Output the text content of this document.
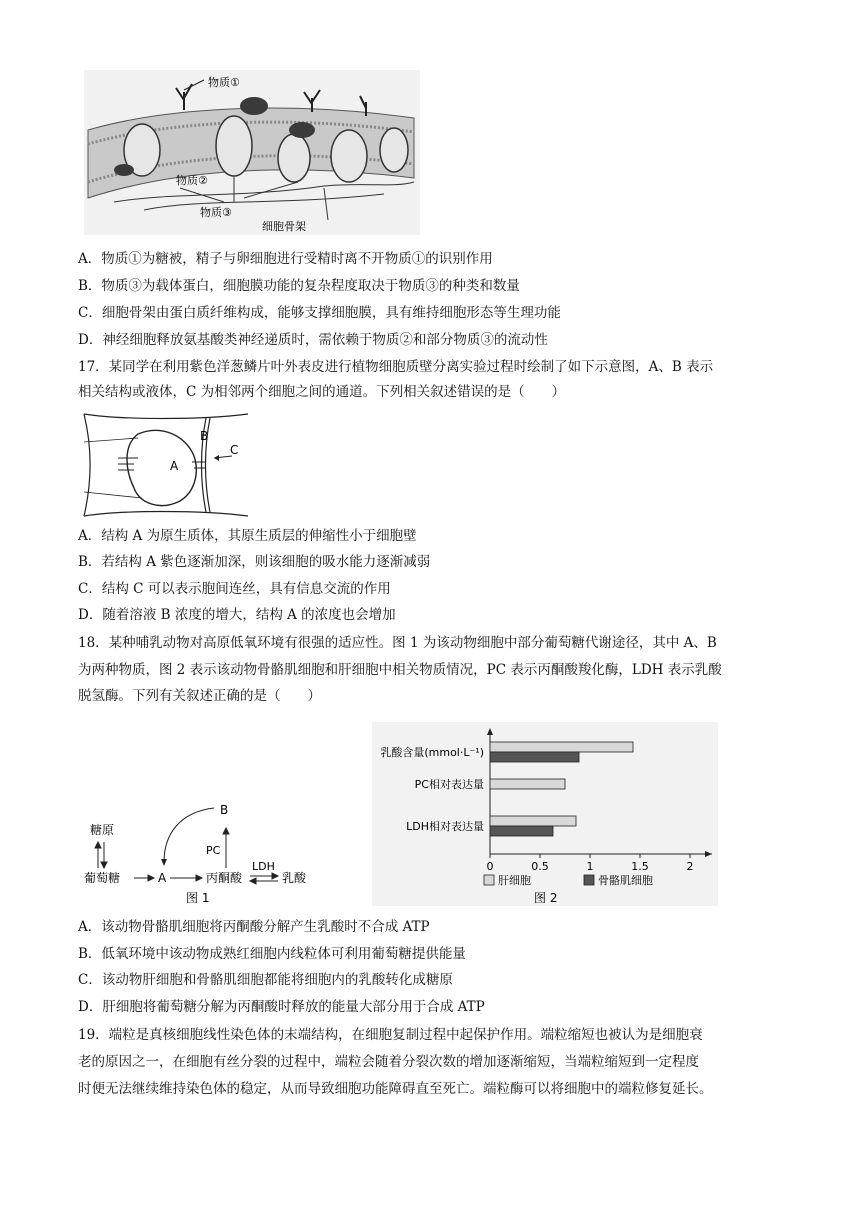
物质①
物质②
物质③
细胞骨架
A．物质①为糖被，精子与卵细胞进行受精时离不开物质①的识别作用
B．物质③为载体蛋白，细胞膜功能的复杂程度取决于物质③的种类和数量
C．细胞骨架由蛋白质纤维构成，能够支撑细胞膜，具有维持细胞形态等生理功能
D．神经细胞释放氨基酸类神经递质时，需依赖于物质②和部分物质③的流动性
17．某同学在利用紫色洋葱鳞片叶外表皮进行植物细胞质壁分离实验过程时绘制了如下示意图，A、B 表示
相关结构或液体，C 为相邻两个细胞之间的通道。下列相关叙述错误的是（　　）
A
B
C
A．结构 A 为原生质体，其原生质层的伸缩性小于细胞壁
B．若结构 A 紫色逐渐加深，则该细胞的吸水能力逐渐减弱
C．结构 C 可以表示胞间连丝，具有信息交流的作用
D．随着溶液 B 浓度的增大，结构 A 的浓度也会增加
18．某种哺乳动物对高原低氧环境有很强的适应性。图 1 为该动物细胞中部分葡萄糖代谢途径，其中 A、B
为两种物质，图 2 表示该动物骨骼肌细胞和肝细胞中相关物质情况，PC 表示丙酮酸羧化酶，LDH 表示乳酸
脱氢酶。下列有关叙述正确的是（　　）
糖原
葡萄糖	A
B
PC
丙酮酸
LDH
乳酸
图 1
乳酸含量(mmol·L⁻¹)
PC相对表达量
LDH相对表达量
0	0.5	1	1.5	2
肝细胞	骨骼肌细胞
图 2
A．该动物骨骼肌细胞将丙酮酸分解产生乳酸时不合成 ATP
B．低氧环境中该动物成熟红细胞内线粒体可利用葡萄糖提供能量
C．该动物肝细胞和骨骼肌细胞都能将细胞内的乳酸转化成糖原
D．肝细胞将葡萄糖分解为丙酮酸时释放的能量大部分用于合成 ATP
19．端粒是真核细胞线性染色体的末端结构，在细胞复制过程中起保护作用。端粒缩短也被认为是细胞衰
老的原因之一，在细胞有丝分裂的过程中，端粒会随着分裂次数的增加逐渐缩短，当端粒缩短到一定程度
时便无法继续维持染色体的稳定，从而导致细胞功能障碍直至死亡。端粒酶可以将细胞中的端粒修复延长。
